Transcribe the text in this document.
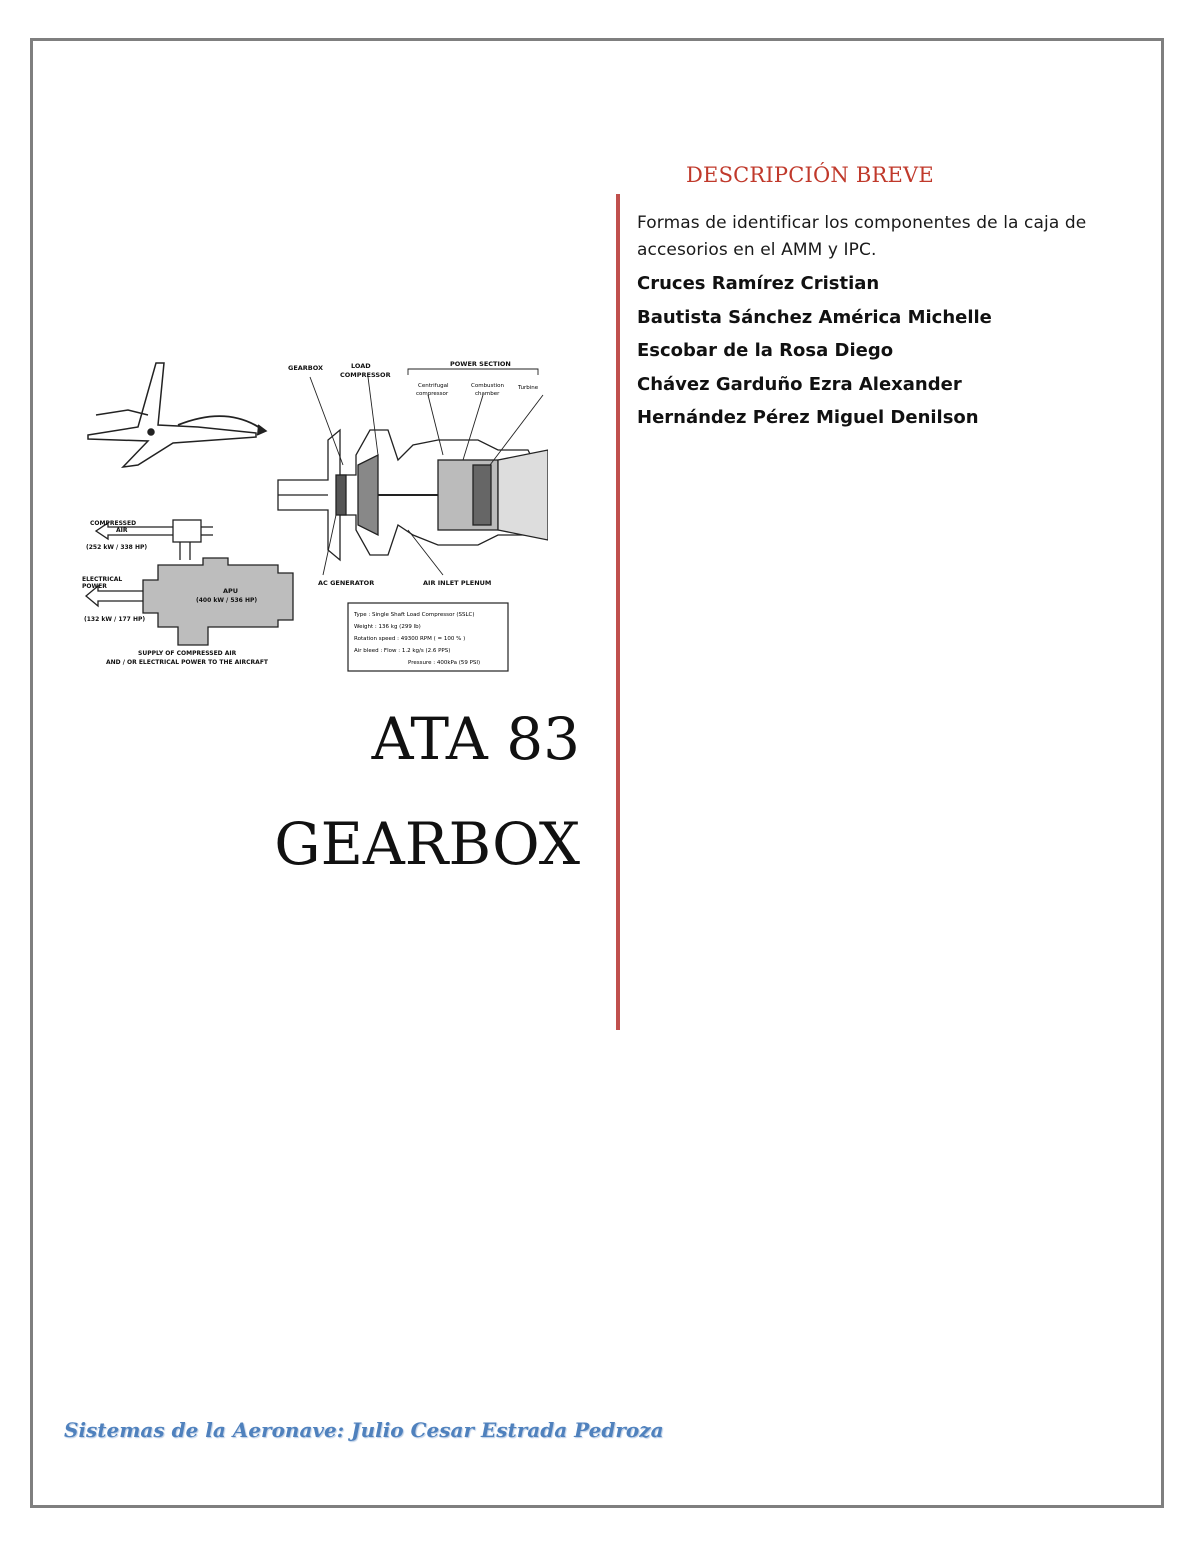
DESCRIPCIÓN BREVE

Formas de identificar los componentes de la caja de accesorios en el AMM y IPC.

Cruces Ramírez Cristian
Bautista Sánchez América Michelle
Escobar de la Rosa Diego
Chávez Garduño Ezra Alexander
Hernández Pérez Miguel Denilson
GEARBOX	LOAD
COMPRESSOR
POWER SECTION
Centrifugal
compressor
Combustion
chamber
Turbine
AC GENERATOR	AIR INLET PLENUM
COMPRESSED
AIR
(252 kW / 338 HP)
APU
(400 kW / 536 HP)
ELECTRICAL
POWER
(132 kW / 177 HP)
SUPPLY OF COMPRESSED AIR
AND / OR ELECTRICAL POWER TO THE AIRCRAFT
Type : Single Shaft Load Compressor (SSLC)
Weight : 136 kg (299 lb)
Rotation speed : 49300 RPM ( = 100 % )
Air bleed : Flow : 1.2 kg/s (2.6 PPS)
Pressure : 400kPa (59 PSI)
ATA 83
GEARBOX
Sistemas de la Aeronave: Julio Cesar Estrada Pedroza
